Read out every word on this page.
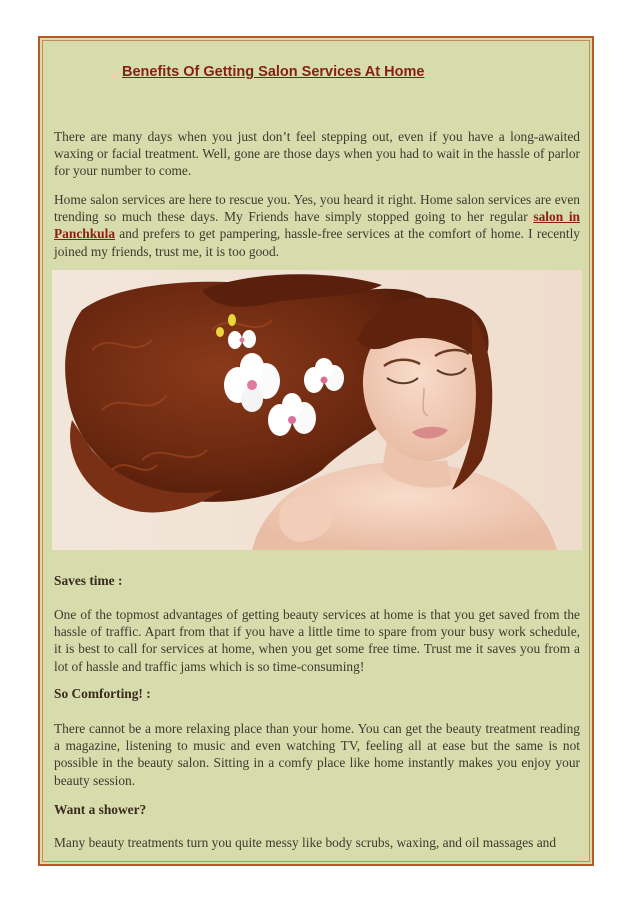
Benefits Of Getting Salon Services At Home

There are many days when you just don’t feel stepping out, even if you have a long-awaited waxing or facial treatment. Well, gone are those days when you had to wait in the hassle of parlor for your number to come.

Home salon services are here to rescue you. Yes, you heard it right. Home salon services are even trending so much these days. My Friends have simply stopped going to her regular salon in Panchkula and prefers to get pampering, hassle-free services at the comfort of home. I recently joined my friends, trust me, it is too good.

Saves time :

One of the topmost advantages of getting beauty services at home is that you get saved from the hassle of traffic. Apart from that if you have a little time to spare from your busy work schedule, it is best to call for services at home, when you get some free time. Trust me it saves you from a lot of hassle and traffic jams which is so time-consuming!

So Comforting! :

There cannot be a more relaxing place than your home. You can get the beauty treatment reading a magazine, listening to music and even watching TV, feeling all at ease but the same is not possible in the beauty salon. Sitting in a comfy place like home instantly makes you enjoy your beauty session.

Want a shower?

Many beauty treatments turn you quite messy like body scrubs, waxing, and oil massages and
